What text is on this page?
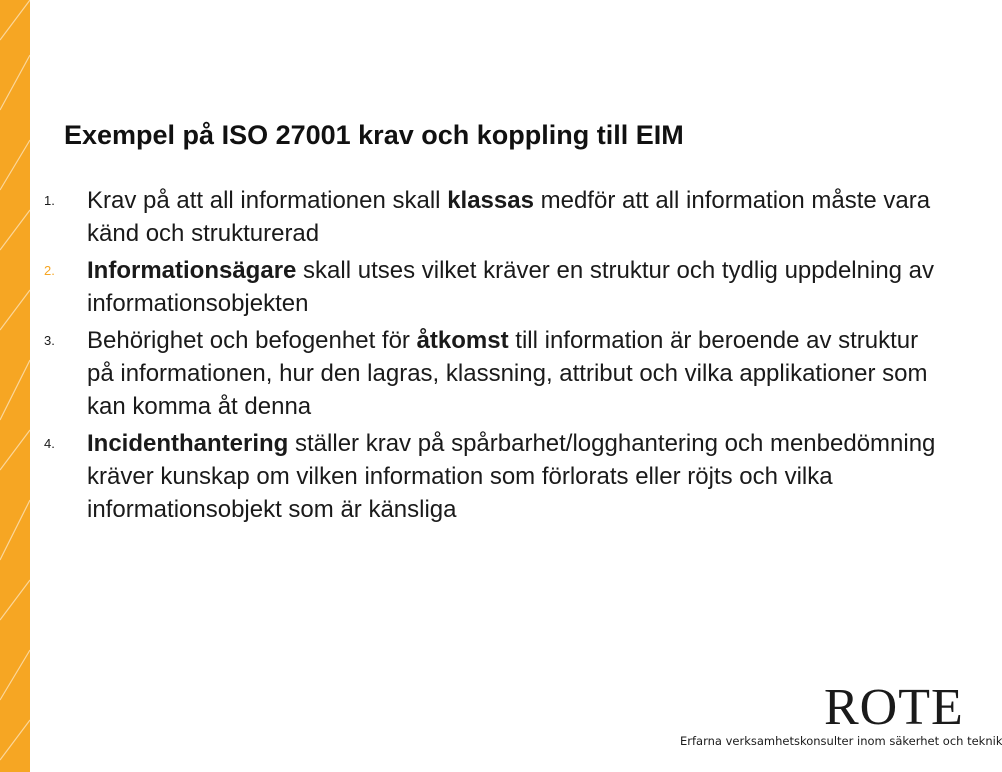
Exempel på ISO 27001 krav och koppling till EIM
1.	Krav på att all informationen skall klassas medför att all information måste vara känd och strukturerad
2.	Informationsägare skall utses vilket kräver en struktur och tydlig uppdelning av informationsobjekten
3.	Behörighet och befogenhet för åtkomst till information är beroende av struktur på informationen, hur den lagras, klassning, attribut och vilka applikationer som kan komma åt denna
4.	Incidenthantering ställer krav på spårbarhet/logghantering och menbedömning kräver kunskap om vilken information som förlorats eller röjts och vilka informationsobjekt som är känsliga
ROTE
Erfarna verksamhetskonsulter inom säkerhet och teknik
